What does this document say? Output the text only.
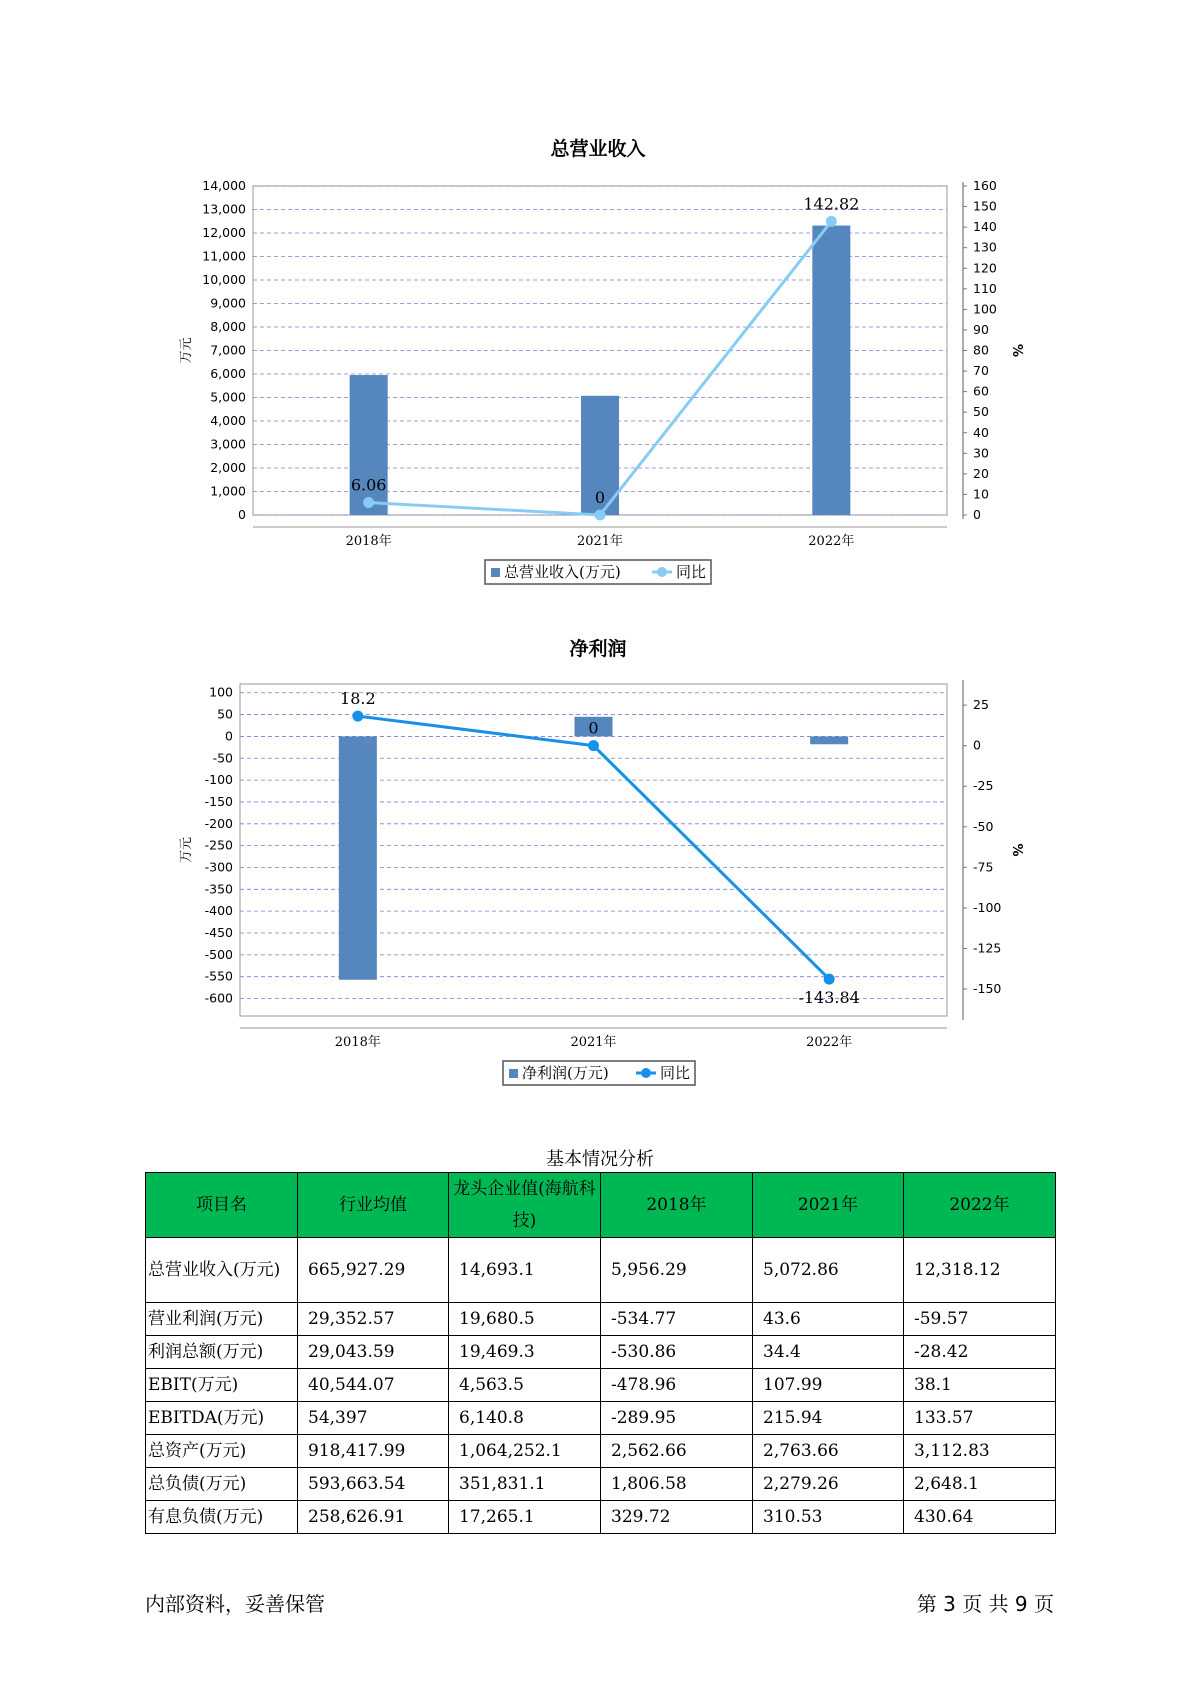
总营业收入
0
1,000
2,000
3,000
4,000
5,000
6,000
7,000
8,000
9,000
10,000
11,000
12,000
13,000
14,000
万元
0
10
20
30
40
50
60
70
80
90
100
110
120
130
140
150
160
%
2018年	2021年	2022年
6.06
0
142.82
总营业收入(万元)	同比
净利润
100
50
0
-50
-100
-150
-200
-250
-300
-350
-400
-450
-500
-550
-600
万元
25
0
-25
-50
-75
-100
-125
-150
%
2018年	2021年	2022年
18.2
0
-143.84
净利润(万元)	同比
基本情况分析
项目名	行业均值	龙头企业值(海航科技)	2018年	2021年	2022年
总营业收入(万元)	665,927.29	14,693.1	5,956.29	5,072.86	12,318.12
营业利润(万元)	29,352.57	19,680.5	-534.77	43.6	-59.57
利润总额(万元)	29,043.59	19,469.3	-530.86	34.4	-28.42
EBIT(万元)	40,544.07	4,563.5	-478.96	107.99	38.1
EBITDA(万元)	54,397	6,140.8	-289.95	215.94	133.57
总资产(万元)	918,417.99	1,064,252.1	2,562.66	2,763.66	3,112.83
总负债(万元)	593,663.54	351,831.1	1,806.58	2,279.26	2,648.1
有息负债(万元)	258,626.91	17,265.1	329.72	310.53	430.64
内部资料，妥善保管	第 3 页 共 9 页
